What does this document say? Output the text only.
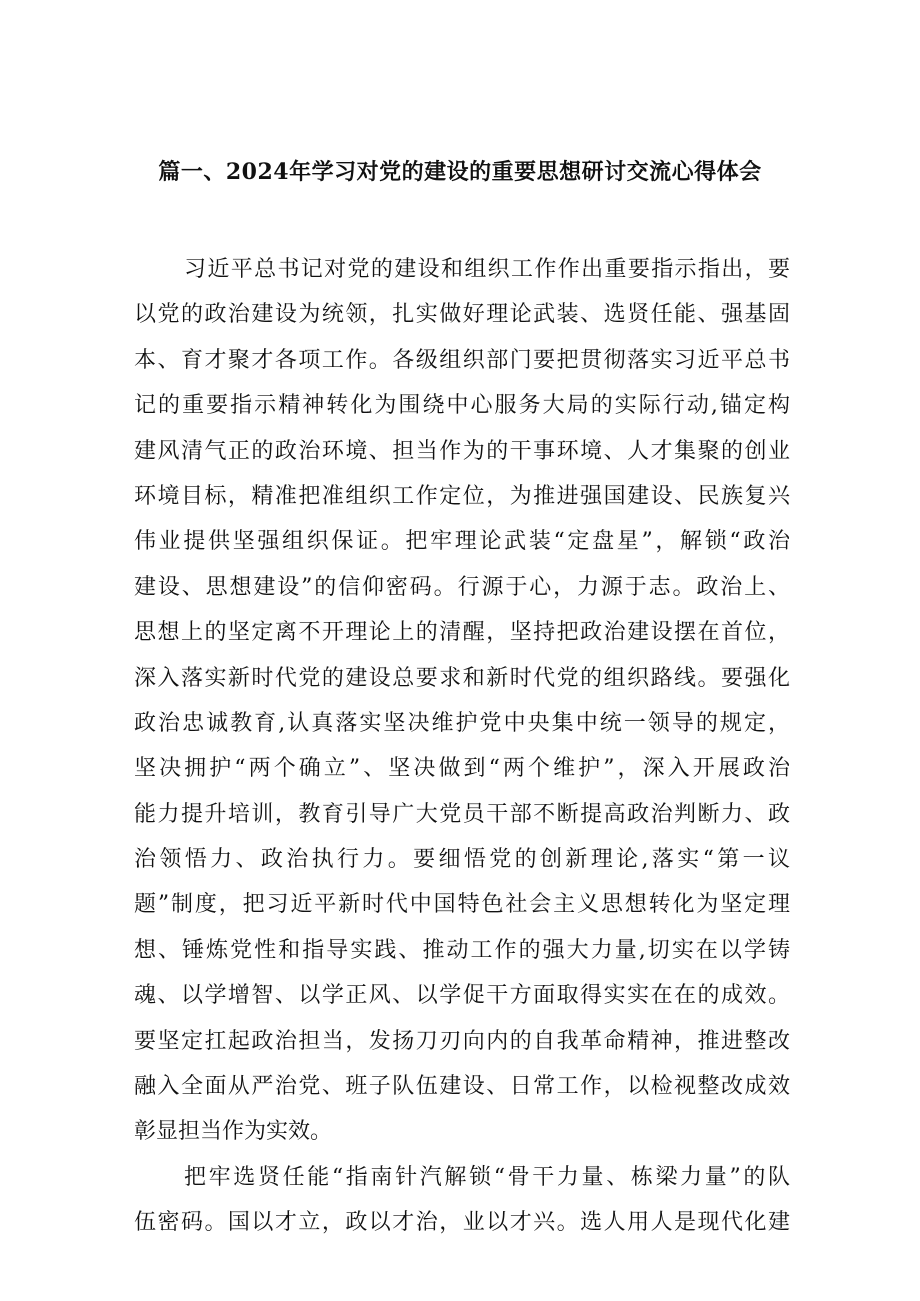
篇一、2024年学习对党的建设的重要思想研讨交流心得体会
习近平总书记对党的建设和组织工作作出重要指示指出，要
以党的政治建设为统领，扎实做好理论武装、选贤任能、强基固
本、育才聚才各项工作。各级组织部门要把贯彻落实习近平总书
记的重要指示精神转化为围绕中心服务大局的实际行动,锚定构
建风清气正的政治环境、担当作为的干事环境、人才集聚的创业
环境目标，精准把准组织工作定位，为推进强国建设、民族复兴
伟业提供坚强组织保证。把牢理论武装“定盘星”，解锁“政治
建设、思想建设”的信仰密码。行源于心，力源于志。政治上、
思想上的坚定离不开理论上的清醒，坚持把政治建设摆在首位，
深入落实新时代党的建设总要求和新时代党的组织路线。要强化
政治忠诚教育,认真落实坚决维护党中央集中统一领导的规定，
坚决拥护“两个确立”、坚决做到“两个维护”，深入开展政治
能力提升培训，教育引导广大党员干部不断提高政治判断力、政
治领悟力、政治执行力。要细悟党的创新理论,落实“第一议
题”制度，把习近平新时代中国特色社会主义思想转化为坚定理
想、锤炼党性和指导实践、推动工作的强大力量,切实在以学铸
魂、以学增智、以学正风、以学促干方面取得实实在在的成效。
要坚定扛起政治担当，发扬刀刃向内的自我革命精神，推进整改
融入全面从严治党、班子队伍建设、日常工作，以检视整改成效
彰显担当作为实效。
把牢选贤任能“指南针汽解锁“骨干力量、栋梁力量”的队
伍密码。国以才立，政以才治，业以才兴。选人用人是现代化建
